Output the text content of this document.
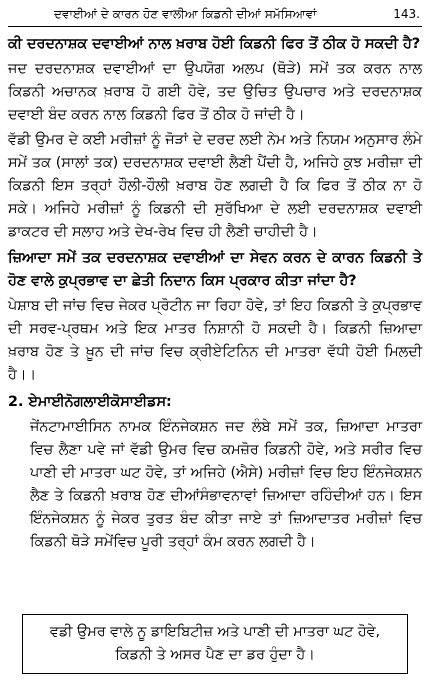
ਦਵਾਈਆਂ ਦੇ ਕਾਰਨ ਹੋਣ ਵਾਲੀਆ ਕਿਡਨੀ ਦੀਆਂ ਸਮੱਸਿਆਵਾਂ	143.

ਕੀ ਦਰਦਨਾਸ਼ਕ ਦਵਾਈਆਂ ਨਾਲ ਖ਼ਰਾਬ ਹੋਈ ਕਿਡਨੀ ਫਿਰ ਤੋਂ ਠੀਕ ਹੋ ਸਕਦੀ ਹੈ?

ਜਦ ਦਰਦਨਾਸ਼ਕ ਦਵਾਈਆਂ ਦਾ ਉਪਯੋਗ ਅਲਪ (ਥੋੜੇ) ਸਮੇਂ ਤਕ ਕਰਨ ਨਾਲ ਕਿਡਨੀ ਅਚਾਨਕ ਖ਼ਰਾਬ ਹੋ ਗਈ ਹੋਵੇ, ਤਦ ਉਚਿਤ ਉਪਚਾਰ ਅਤੇ ਦਰਦਨਾਸ਼ਕ ਦਵਾਈ ਬੰਦ ਕਰਨ ਨਾਲ ਕਿਡਨੀ ਫਿਰ ਤੋਂ ਠੀਕ ਹੋ ਜਾਂਦੀ ਹੈ।

ਵੱਡੀ ਉਮਰ ਦੇ ਕਈ ਮਰੀਜ਼ਾਂ ਨੂੰ ਜੋੜਾਂ ਦੇ ਦਰਦ ਲਈ ਨੇਮ ਅਤੇ ਨਿਯਮ ਅਨੁਸਾਰ ਲੰਮੇ ਸਮੇਂ ਤਕ (ਸਾਲਾਂ ਤਕ) ਦਰਦਨਾਸ਼ਕ ਦਵਾਈ ਲੈਣੀ ਪੈਂਦੀ ਹੈ, ਅਜਿਹੇ ਕੁਝ ਮਰੀਜ਼ਾ ਦੀ ਕਿਡਨੀ ਇਸ ਤਰ੍ਹਾਂ ਹੌਲੀ-ਹੌਲੀ ਖ਼ਰਾਬ ਹੋਣ ਲਗਦੀ ਹੈ ਕਿ ਫਿਰ ਤੋਂ ਠੀਕ ਨਾ ਹੋ ਸਕੇ। ਅਜਿਹੇ ਮਰੀਜ਼ਾਂ ਨੂੰ ਕਿਡਨੀ ਦੀ ਸੁਰੱਖਿਆ ਦੇ ਲਈ ਦਰਦਨਾਸ਼ਕ ਦਵਾਈ ਡਾਕਟਰ ਦੀ ਸਲਾਹ ਅਤੇ ਦੇਖ-ਰੇਖ ਵਿਚ ਹੀ ਲੈਣੀ ਚਾਹੀਦੀ ਹੈ।

ਜ਼ਿਆਦਾ ਸਮੇਂ ਤਕ ਦਰਦਨਾਸ਼ਕ ਦਵਾਈਆਂ ਦਾ ਸੇਵਨ ਕਰਨ ਦੇ ਕਾਰਨ ਕਿਡਨੀ ਤੇ ਹੋਣ ਵਾਲੇ ਕੁਪ੍ਰਭਾਵ ਦਾ ਛੇਤੀ ਨਿਦਾਨ ਕਿਸ ਪ੍ਰਕਾਰ ਕੀਤਾ ਜਾਂਦਾ ਹੈ?

ਪੇਸ਼ਾਬ ਦੀ ਜਾਂਚ ਵਿਚ ਜੇਕਰ ਪ੍ਰੋਟੀਨ ਜਾ ਰਿਹਾ ਹੋਵੇ, ਤਾਂ ਇਹ ਕਿਡਨੀ ਤੇ ਕੁਪ੍ਰਭਾਵ ਦੀ ਸਰਵ-ਪ੍ਰਥਮ ਅਤੇ ਇਕ ਮਾਤਰ ਨਿਸ਼ਾਨੀ ਹੋ ਸਕਦੀ ਹੈ। ਕਿਡਨੀ ਜ਼ਿਆਦਾ ਖ਼ਰਾਬ ਹੋਣ ਤੇ ਖ਼ੂਨ ਦੀ ਜਾਂਚ ਵਿਚ ਕ੍ਰੀਏਟਿਨਿਨ ਦੀ ਮਾਤਰਾ ਵੱਧੀ ਹੋਈ ਮਿਲਦੀ ਹੈ।।

2. ਏਮਾਈਨੋਗਲਾਈਕੋਸਾਈਡਸ:

ਜੇਂਨਟਾਮਾਈਸਿਨ ਨਾਮਕ ਇੰਨਜੇਕਸ਼ਨ ਜਦ ਲੰਬੇ ਸਮੇਂ ਤਕ, ਜ਼ਿਆਦਾ ਮਾਤਰਾ ਵਿਚ ਲੈਣਾ ਪਵੇ ਜਾਂ ਵੱਡੀ ਉਮਰ ਵਿਚ ਕਮਜ਼ੋਰ ਕਿਡਨੀ ਹੋਵੇ, ਅਤੇ ਸਰੀਰ ਵਿਚ ਪਾਣੀ ਦੀ ਮਾਤਰਾ ਘਟ ਹੋਵੇ, ਤਾਂ ਅਜਿਹੇ (ਐਸੇ) ਮਰੀਜ਼ਾਂ ਵਿਚ ਇਹ ਇੰਨਜੇਕਸ਼ਨ ਲੈਣ ਤੇ ਕਿਡਨੀ ਖ਼ਰਾਬ ਹੋਣ ਦੀਆਂਸੰਭਾਵਨਾਵਾਂ ਜ਼ਿਆਦਾ ਰਹਿੰਦੀਆਂ ਹਨ। ਇਸ ਇੰਨਜੇਕਸ਼ਨ ਨੂੰ ਜੇਕਰ ਤੁਰਤ ਬੰਦ ਕੀਤਾ ਜਾਏ ਤਾਂ ਜ਼ਿਆਦਾਤਰ ਮਰੀਜ਼ਾਂ ਵਿਚ ਕਿਡਨੀ ਥੋੜੇ ਸਮੇਂਵਿਚ ਪੂਰੀ ਤਰ੍ਹਾਂ ਕੰਮ ਕਰਨ ਲਗਦੀ ਹੈ।

ਵਡੀ ਉਮਰ ਵਾਲੇ ਨੂ ਡਾਇਬਿਟੀਜ਼ ਅਤੇ ਪਾਣੀ ਦੀ ਮਾਤਰਾ ਘਟ ਹੋਵੇ, ਕਿਡਨੀ ਤੇ ਅਸਰ ਪੈਣ ਦਾ ਡਰ ਹੁੰਦਾ ਹੈ।
